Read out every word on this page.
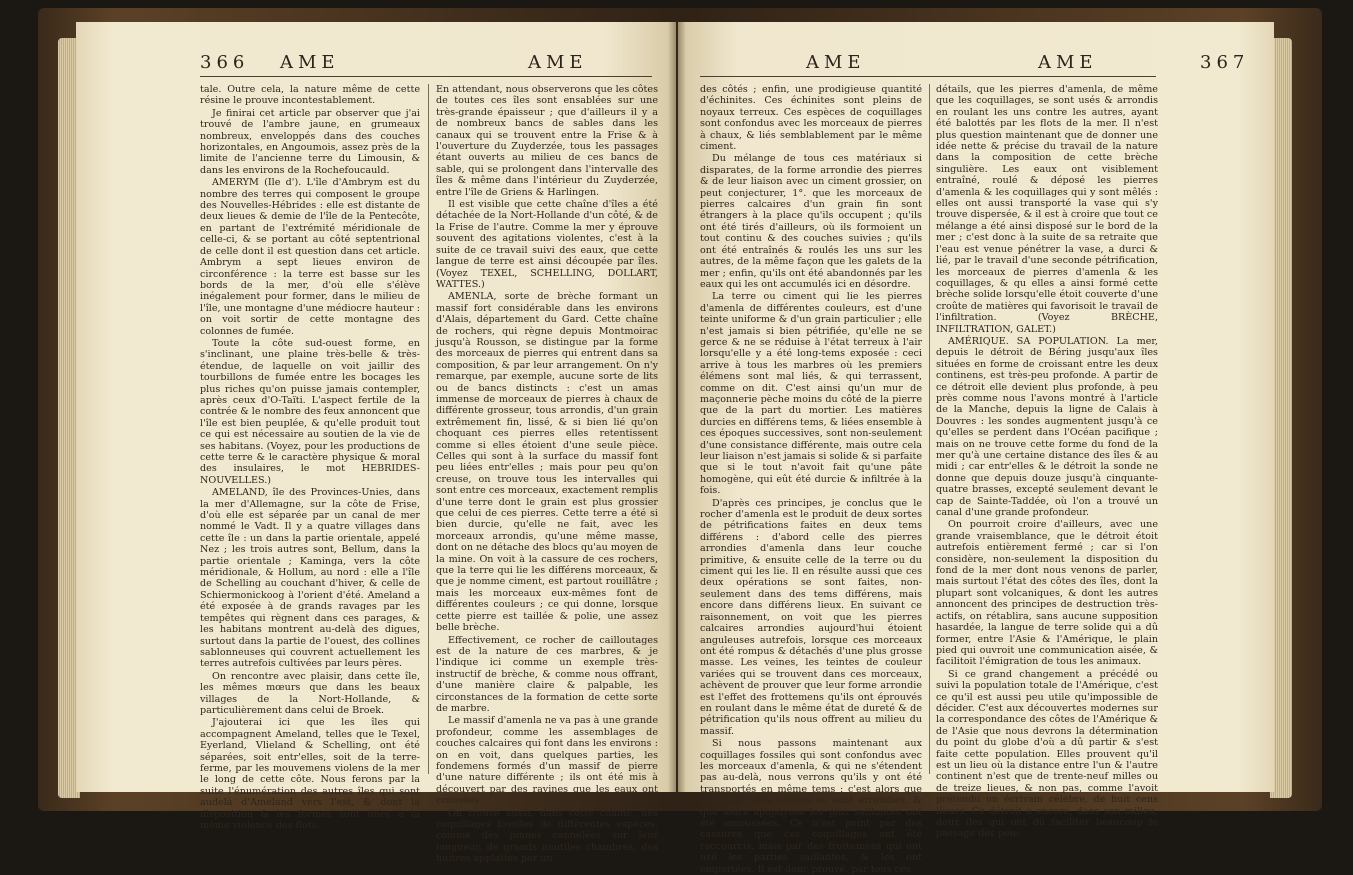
366 AME	AME

tale. Outre cela, la nature même de cette résine le prouve incontestablement.

Je finirai cet article par observer que j'ai trouvé de l'ambre jaune, en grumeaux nombreux, enveloppés dans des couches horizontales, en Angoumois, assez près de la limite de l'ancienne terre du Limousin, & dans les environs de la Rochefoucauld.

AMERYM (Ile d'). L'île d'Ambrym est du nombre des terres qui composent le groupe des Nouvelles-Hébrides : elle est distante de deux lieues & demie de l'île de la Pentecôte, en partant de l'extrémité méridionale de celle-ci, & se portant au côté septentrional de celle dont il est question dans cet article. Ambrym a sept lieues environ de circonférence : la terre est basse sur les bords de la mer, d'où elle s'élève inégalement pour former, dans le milieu de l'île, une montagne d'une médiocre hauteur : on voit sortir de cette montagne des colonnes de fumée.

Toute la côte sud-ouest forme, en s'inclinant, une plaine très-belle & très-étendue, de laquelle on voit jaillir des tourbillons de fumée entre les bocages les plus riches qu'on puisse jamais contempler, après ceux d'O-Taïti. L'aspect fertile de la contrée & le nombre des feux annoncent que l'île est bien peuplée, & qu'elle produit tout ce qui est nécessaire au soutien de la vie de ses habitans. (Voyez, pour les productions de cette terre & le caractère physique & moral des insulaires, le mot HEBRIDES-NOUVELLES.)

AMELAND, île des Provinces-Unies, dans la mer d'Allemagne, sur la côte de Frise, d'où elle est séparée par un canal de mer nommé le Vadt. Il y a quatre villages dans cette île : un dans la partie orientale, appelé Nez ; les trois autres sont, Bellum, dans la partie orientale ; Kaminga, vers la côte méridionale, & Hollum, au nord : elle a l'île de Schelling au couchant d'hiver, & celle de Schiermonickoog à l'orient d'été. Ameland a été exposée à de grands ravages par les tempêtes qui règnent dans ces parages, & les habitans montrent au-delà des digues, surtout dans la partie de l'ouest, des collines sablonneuses qui couvrent actuellement les terres autrefois cultivées par leurs pères.

On rencontre avec plaisir, dans cette île, les mêmes mœurs que dans les beaux villages de la Nort-Hollande, & particulièrement dans celui de Broek.

J'ajouterai ici que les îles qui accompagnent Ameland, telles que le Texel, Eyerland, Vlieland & Schelling, ont été séparées, soit entr'elles, soit de la terre-ferme, par les mouvemens violens de la mer le long de cette côte. Nous ferons par la suite l'énumération des autres îles qui sont audelà d'Ameland vers l'est, & dont la disposition & les formes sont dues à la même violence des flots.

En attendant, nous observerons que les côtes de toutes ces îles sont ensablées sur une très-grande épaisseur ; que d'ailleurs il y a de nombreux bancs de sables dans les canaux qui se trouvent entre la Frise & à l'ouverture du Zuyderzée, tous les passages étant ouverts au milieu de ces bancs de sable, qui se prolongent dans l'intervalle des îles & même dans l'intérieur du Zuyderzée, entre l'île de Griens & Harlingen.

Il est visible que cette chaîne d'îles a été détachée de la Nort-Hollande d'un côté, & de la Frise de l'autre. Comme la mer y éprouve souvent des agitations violentes, c'est à la suite de ce travail suivi des eaux, que cette langue de terre est ainsi découpée par îles. (Voyez TEXEL, SCHELLING, DOLLART, WATTES.)

AMENLA, sorte de brèche formant un massif fort considérable dans les environs d'Alais, département du Gard. Cette chaîne de rochers, qui règne depuis Montmoirac jusqu'à Rousson, se distingue par la forme des morceaux de pierres qui entrent dans sa composition, & par leur arrangement. On n'y remarque, par exemple, aucune sorte de lits ou de bancs distincts : c'est un amas immense de morceaux de pierres à chaux de différente grosseur, tous arrondis, d'un grain extrêmement fin, lissé, & si bien lié qu'on choquant ces pierres elles retentissent comme si elles étoient d'une seule pièce. Celles qui sont à la surface du massif font peu liées entr'elles ; mais pour peu qu'on creuse, on trouve tous les intervalles qui sont entre ces morceaux, exactement remplis d'une terre dont le grain est plus grossier que celui de ces pierres. Cette terre a été si bien durcie, qu'elle ne fait, avec les morceaux arrondis, qu'une même masse, dont on ne détache des blocs qu'au moyen de la mine. On voit à la cassure de ces rochers, que la terre qui lie les différens morceaux, & que je nomme ciment, est partout rouillâtre ; mais les morceaux eux-mêmes font de différentes couleurs ; ce qui donne, lorsque cette pierre est taillée & polie, une assez belle brèche.

Effectivement, ce rocher de cailloutages est de la nature de ces marbres, & je l'indique ici comme un exemple très-instructif de brèche, & comme nous offrant, d'une manière claire & palpable, les circonstances de la formation de cette sorte de marbre.

Le massif d'amenla ne va pas à une grande profondeur, comme les assemblages de couches calcaires qui font dans les environs : on en voit, dans quelques parties, les fondemens formés d'un massif de pierre d'une nature différente ; ils ont été mis à découvert par des ravines que les eaux ont creusées.

On trouve aussi, dans cette chaîne, des coquillages fossiles de différentes espèces, comme des pinnes cannelées sur leur longueur, de grands nautiles chambrés, des huîtres applaties par un

AME	AME	367

des côtés ; enfin, une prodigieuse quantité d'échinites. Ces échinites sont pleins de noyaux terreux. Ces espèces de coquillages sont confondus avec les morceaux de pierres à chaux, & liés semblablement par le même ciment.

Du mélange de tous ces matériaux si disparates, de la forme arrondie des pierres & de leur liaison avec un ciment grossier, on peut conjecturer, 1°. que les morceaux de pierres calcaires d'un grain fin sont étrangers à la place qu'ils occupent ; qu'ils ont été tirés d'ailleurs, où ils formoient un tout continu & des couches suivies ; qu'ils ont été entraînés & roulés les uns sur les autres, de la même façon que les galets de la mer ; enfin, qu'ils ont été abandonnés par les eaux qui les ont accumulés ici en désordre.

La terre ou ciment qui lie les pierres d'amenla de différentes couleurs, est d'une teinte uniforme & d'un grain particulier ; elle n'est jamais si bien pétrifiée, qu'elle ne se gerce & ne se réduise à l'état terreux à l'air lorsqu'elle y a été long-tems exposée : ceci arrive à tous les marbres où les premiers élémens sont mal liés, & qui terrassent, comme on dit. C'est ainsi qu'un mur de maçonnerie pèche moins du côté de la pierre que de la part du mortier. Les matières durcies en différens tems, & liées ensemble à ces époques successives, sont non-seulement d'une consistance différente, mais outre cela leur liaison n'est jamais si solide & si parfaite que si le tout n'avoit fait qu'une pâte homogène, qui eût été durcie & infiltrée à la fois.

D'après ces principes, je conclus que le rocher d'amenla est le produit de deux sortes de pétrifications faites en deux tems différens : d'abord celle des pierres arrondies d'amenla dans leur couche primitive, & ensuite celle de la terre ou du ciment qui les lie. Il en résulte aussi que ces deux opérations se sont faites, non-seulement dans des tems différens, mais encore dans différens lieux. En suivant ce raisonnement, on voit que les pierres calcaires arrondies aujourd'hui étoient anguleuses autrefois, lorsque ces morceaux ont été rompus & détachés d'une plus grosse masse. Les veines, les teintes de couleur variées qui se trouvent dans ces morceaux, achèvent de prouver que leur forme arrondie est l'effet des frottemens qu'ils ont éprouvés en roulant dans le même état de dureté & de pétrification qu'ils nous offrent au milieu du massif.

Si nous passons maintenant aux coquillages fossiles qui sont confondus avec les morceaux d'amenla, & qui ne s'étendent pas au-delà, nous verrons qu'ils y ont été transportés en même tems : c'est alors que la plupart des huîtres se sont arrondies, & que leurs apophyses les plus saillantes ont été emoussées. Ce n'est point par des cassures que ces coquillages ont été raccourcis, mais par des frottemens qui ont usé les parties saillantes, & les ont emportées. Il est donc prouvé, par tous ces

détails, que les pierres d'amenla, de même que les coquillages, se sont usés & arrondis en roulant les uns contre les autres, ayant été balottés par les flots de la mer. Il n'est plus question maintenant que de donner une idée nette & précise du travail de la nature dans la composition de cette brèche singulière. Les eaux ont visiblement entraîné, roulé & déposé les pierres d'amenla & les coquillages qui y sont mêlés : elles ont aussi transporté la vase qui s'y trouve dispersée, & il est à croire que tout ce mélange a été ainsi disposé sur le bord de la mer ; c'est donc à la suite de sa retraite que l'eau est venue pénétrer la vase, a durci & lié, par le travail d'une seconde pétrification, les morceaux de pierres d'amenla & les coquillages, & qu elles a ainsi formé cette brèche solide lorsqu'elle étoit couverte d'une croûte de matières qui favorisoit le travail de l'infiltration. (Voyez BRÈCHE, INFILTRATION, GALET.)

AMÉRIQUE. SA POPULATION. La mer, depuis le détroit de Béring jusqu'aux îles situées en forme de croissant entre les deux continens, est très-peu profonde. A partir de ce détroit elle devient plus profonde, à peu près comme nous l'avons montré à l'article de la Manche, depuis la ligne de Calais à Douvres : les sondes augmentent jusqu'à ce qu'elles se perdent dans l'Océan pacifique ; mais on ne trouve cette forme du fond de la mer qu'à une certaine distance des îles & au midi ; car entr'elles & le détroit la sonde ne donne que depuis douze jusqu'à cinquante-quatre brasses, excepté seulement devant le cap de Sainte-Taddée, où l'on a trouvé un canal d'une grande profondeur.

On pourroit croire d'ailleurs, avec une grande vraisemblance, que le détroit étoit autrefois entièrement fermé ; car si l'on considère, non-seulement la disposition du fond de la mer dont nous venons de parler, mais surtout l'état des côtes des îles, dont la plupart sont volcaniques, & dont les autres annoncent des principes de destruction très-actifs, on rétablira, sans aucune supposition hasardée, la langue de terre solide qui a dû former, entre l'Asie & l'Amérique, le plain pied qui ouvroit une communication aisée, & facilitoit l'émigration de tous les animaux.

Si ce grand changement a précédé ou suivi la population totale de l'Amérique, c'est ce qu'il est aussi peu utile qu'impossible de décider. C'est aux découvertes modernes sur la correspondance des côtes de l'Amérique & de l'Asie que nous devrons la détermination du point du globe d'où a dû partir & s'est faite cette population. Elles prouvent qu'il est un lieu où la distance entre l'un & l'autre continent n'est que de trente-neuf milles ou de treize lieues, & non pas, comme l'avoit prétendu un écrivain célèbre, de huit cens lieues. Ce détroit a encore, dans son milieu, deux îles qui ont dû faciliter beaucoup le passage des peu-
